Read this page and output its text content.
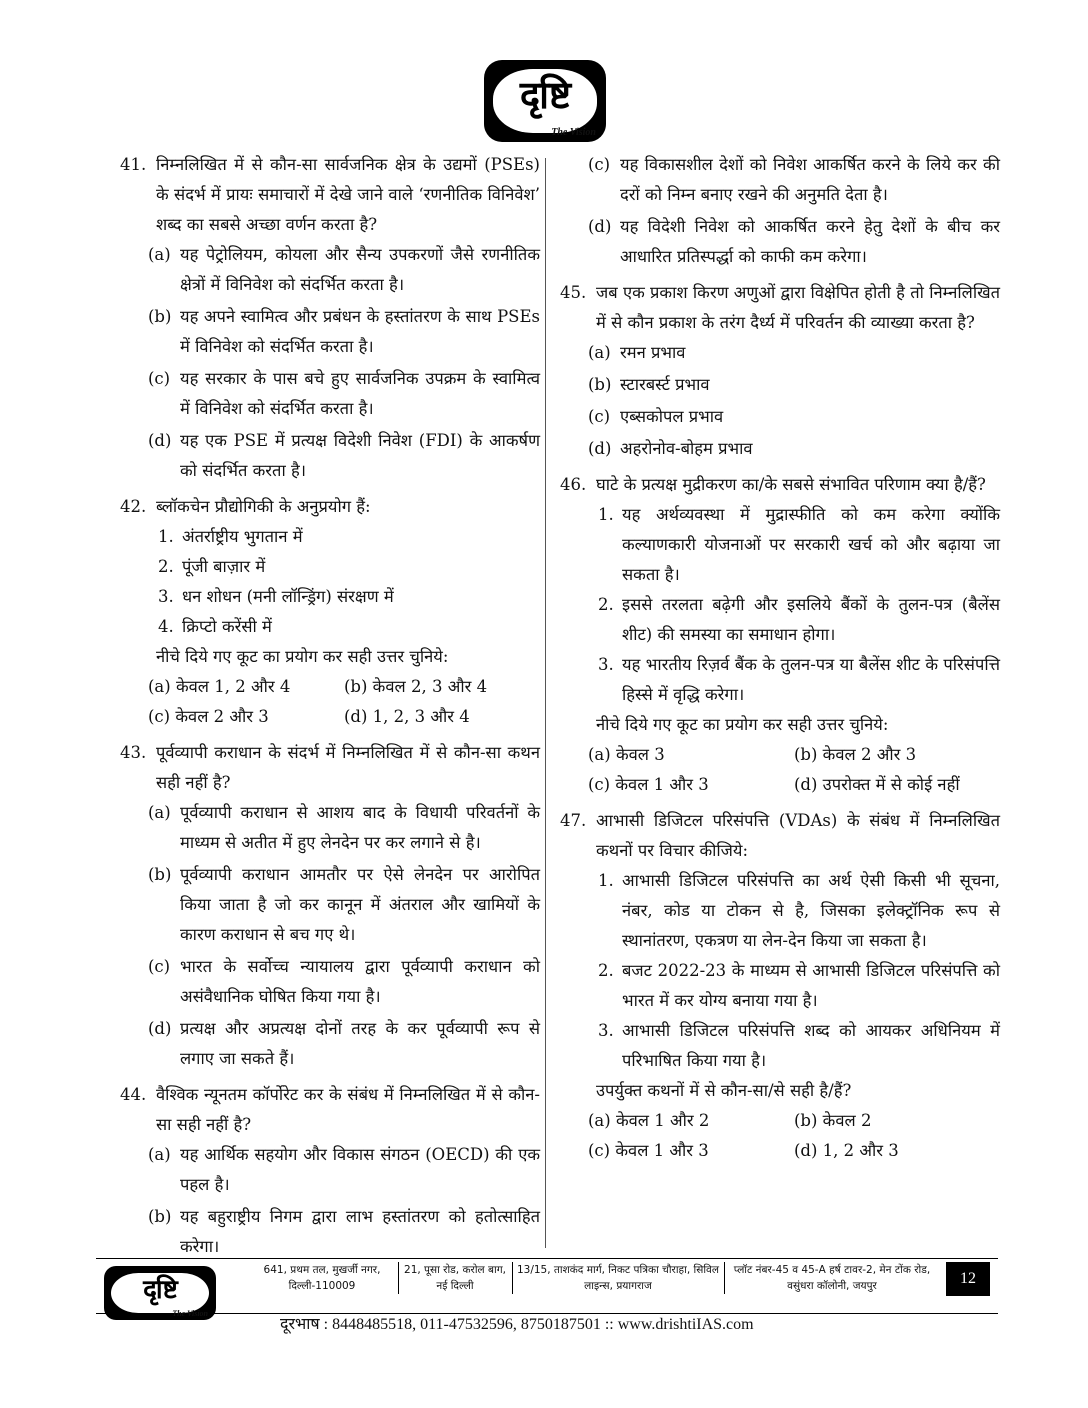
दृष्टि
The Vision
41. निम्नलिखित में से कौन-सा सार्वजनिक क्षेत्र के उद्यमों (PSEs) के संदर्भ में प्रायः समाचारों में देखे जाने वाले ‘रणनीतिक विनिवेश’ शब्द का सबसे अच्छा वर्णन करता है?
(a) यह पेट्रोलियम, कोयला और सैन्य उपकरणों जैसे रणनीतिक क्षेत्रों में विनिवेश को संदर्भित करता है।
(b) यह अपने स्वामित्व और प्रबंधन के हस्तांतरण के साथ PSEs में विनिवेश को संदर्भित करता है।
(c) यह सरकार के पास बचे हुए सार्वजनिक उपक्रम के स्वामित्व में विनिवेश को संदर्भित करता है।
(d) यह एक PSE में प्रत्यक्ष विदेशी निवेश (FDI) के आकर्षण को संदर्भित करता है।
42. ब्लॉकचेन प्रौद्योगिकी के अनुप्रयोग हैं:
1. अंतर्राष्ट्रीय भुगतान में
2. पूंजी बाज़ार में
3. धन शोधन (मनी लॉन्ड्रिंग) संरक्षण में
4. क्रिप्टो करेंसी में
नीचे दिये गए कूट का प्रयोग कर सही उत्तर चुनिये:
(a) केवल 1, 2 और 4	(b) केवल 2, 3 और 4
(c) केवल 2 और 3	(d) 1, 2, 3 और 4
43. पूर्वव्यापी कराधान के संदर्भ में निम्नलिखित में से कौन-सा कथन सही नहीं है?
(a) पूर्वव्यापी कराधान से आशय बाद के विधायी परिवर्तनों के माध्यम से अतीत में हुए लेनदेन पर कर लगाने से है।
(b) पूर्वव्यापी कराधान आमतौर पर ऐसे लेनदेन पर आरोपित किया जाता है जो कर कानून में अंतराल और खामियों के कारण कराधान से बच गए थे।
(c) भारत के सर्वोच्च न्यायालय द्वारा पूर्वव्यापी कराधान को असंवैधानिक घोषित किया गया है।
(d) प्रत्यक्ष और अप्रत्यक्ष दोनों तरह के कर पूर्वव्यापी रूप से लगाए जा सकते हैं।
44. वैश्विक न्यूनतम कॉर्पोरेट कर के संबंध में निम्नलिखित में से कौन-सा सही नहीं है?
(a) यह आर्थिक सहयोग और विकास संगठन (OECD) की एक पहल है।
(b) यह बहुराष्ट्रीय निगम द्वारा लाभ हस्तांतरण को हतोत्साहित करेगा।
(c) यह विकासशील देशों को निवेश आकर्षित करने के लिये कर की दरों को निम्न बनाए रखने की अनुमति देता है।
(d) यह विदेशी निवेश को आकर्षित करने हेतु देशों के बीच कर आधारित प्रतिस्पर्द्धा को काफी कम करेगा।
45. जब एक प्रकाश किरण अणुओं द्वारा विक्षेपित होती है तो निम्नलिखित में से कौन प्रकाश के तरंग दैर्ध्य में परिवर्तन की व्याख्या करता है?
(a) रमन प्रभाव
(b) स्टारबर्स्ट प्रभाव
(c) एब्सकोपल प्रभाव
(d) अहरोनोव-बोहम प्रभाव
46. घाटे के प्रत्यक्ष मुद्रीकरण का/के सबसे संभावित परिणाम क्या है/हैं?
1. यह अर्थव्यवस्था में मुद्रास्फीति को कम करेगा क्योंकि कल्याणकारी योजनाओं पर सरकारी खर्च को और बढ़ाया जा सकता है।
2. इससे तरलता बढ़ेगी और इसलिये बैंकों के तुलन-पत्र (बैलेंस शीट) की समस्या का समाधान होगा।
3. यह भारतीय रिज़र्व बैंक के तुलन-पत्र या बैलेंस शीट के परिसंपत्ति हिस्से में वृद्धि करेगा।
नीचे दिये गए कूट का प्रयोग कर सही उत्तर चुनिये:
(a) केवल 3	(b) केवल 2 और 3
(c) केवल 1 और 3	(d) उपरोक्त में से कोई नहीं
47. आभासी डिजिटल परिसंपत्ति (VDAs) के संबंध में निम्नलिखित कथनों पर विचार कीजिये:
1. आभासी डिजिटल परिसंपत्ति का अर्थ ऐसी किसी भी सूचना, नंबर, कोड या टोकन से है, जिसका इलेक्ट्रॉनिक रूप से स्थानांतरण, एकत्रण या लेन-देन किया जा सकता है।
2. बजट 2022-23 के माध्यम से आभासी डिजिटल परिसंपत्ति को भारत में कर योग्य बनाया गया है।
3. आभासी डिजिटल परिसंपत्ति शब्द को आयकर अधिनियम में परिभाषित किया गया है।
उपर्युक्त कथनों में से कौन-सा/से सही है/हैं?
(a) केवल 1 और 2	(b) केवल 2
(c) केवल 1 और 3	(d) 1, 2 और 3
दृष्टि
The Vision
641, प्रथम तल, मुखर्जी नगर, दिल्ली-110009
21, पूसा रोड, करोल बाग, नई दिल्ली
13/15, ताशकंद मार्ग, निकट पत्रिका चौराहा, सिविल लाइन्स, प्रयागराज
प्लॉट नंबर-45 व 45-A हर्ष टावर-2, मेन टोंक रोड, वसुंधरा कॉलोनी, जयपुर	12
दूरभाष : 8448485518, 011-47532596, 8750187501 :: www.drishtiIAS.com
